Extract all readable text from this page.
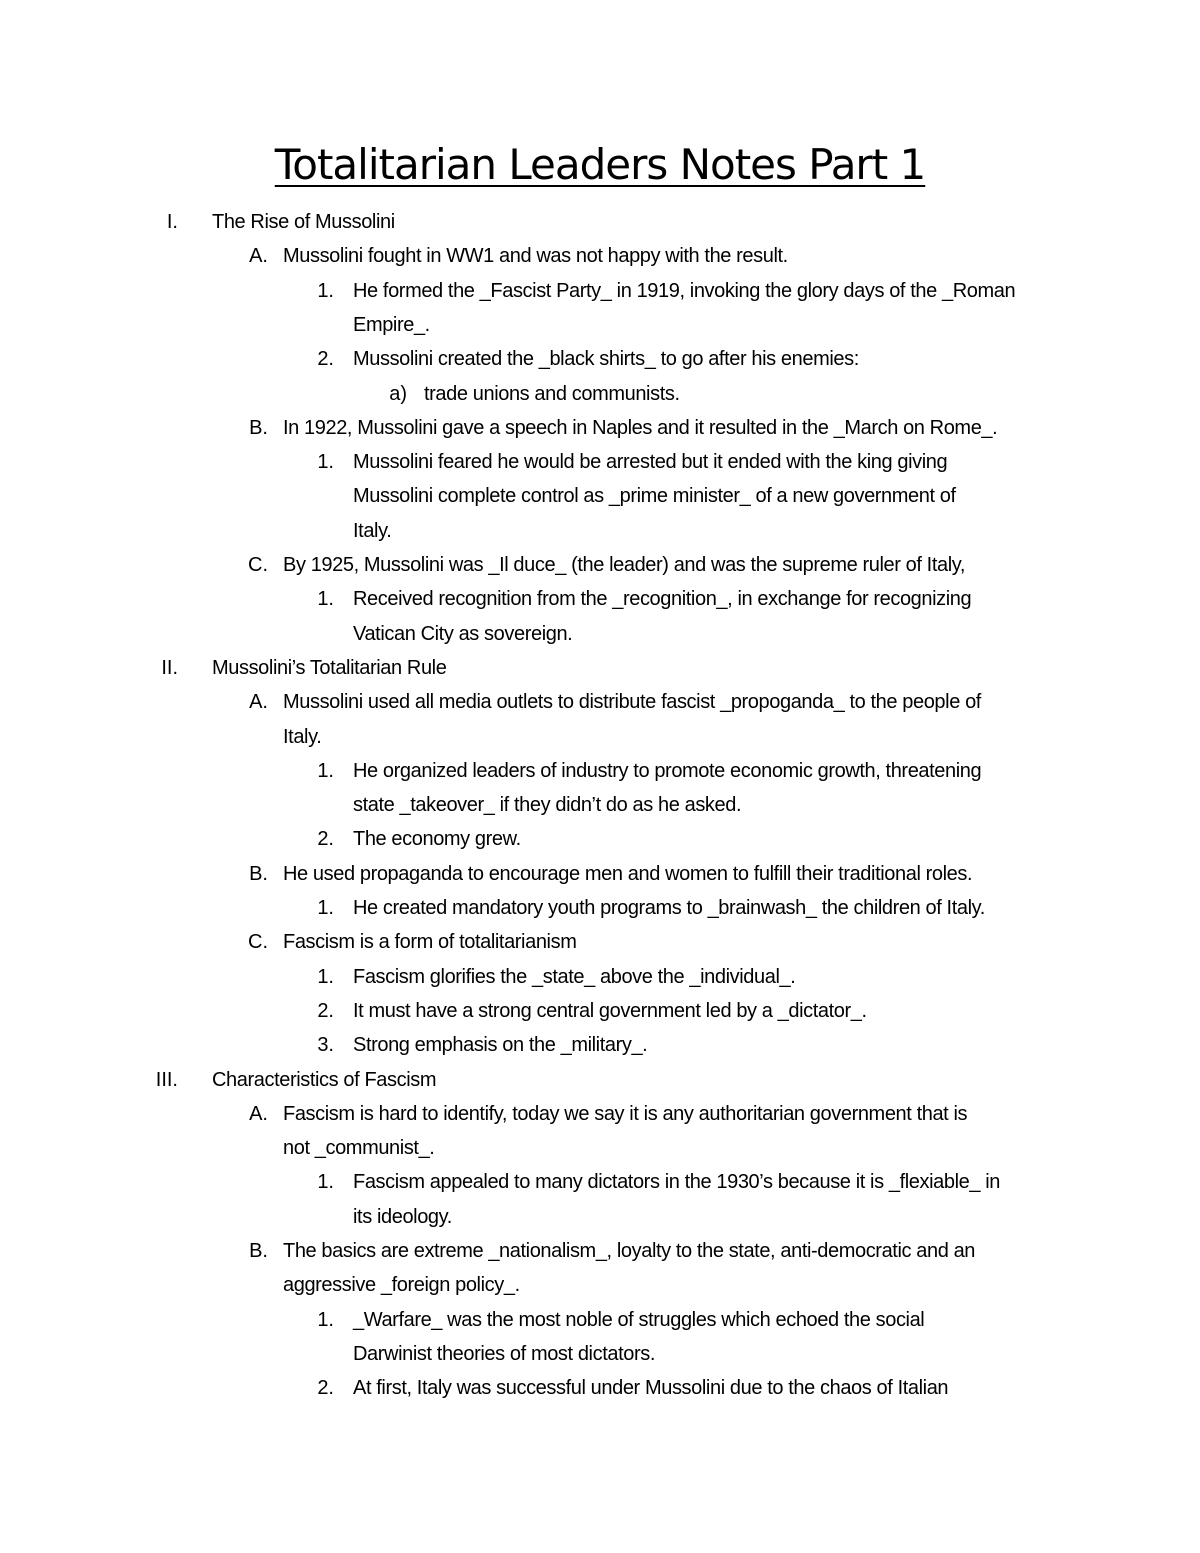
Totalitarian Leaders Notes Part 1
I. The Rise of Mussolini
A. Mussolini fought in WW1 and was not happy with the result.
1. He formed the _Fascist Party_ in 1919, invoking the glory days of the _Roman
Empire_.
2. Mussolini created the _black shirts_ to go after his enemies:
a) trade unions and communists.
B. In 1922, Mussolini gave a speech in Naples and it resulted in the _March on Rome_.
1. Mussolini feared he would be arrested but it ended with the king giving
Mussolini complete control as _prime minister_ of a new government of
Italy.
C. By 1925, Mussolini was _Il duce_ (the leader) and was the supreme ruler of Italy,
1. Received recognition from the _recognition_, in exchange for recognizing
Vatican City as sovereign.
II. Mussolini’s Totalitarian Rule
A. Mussolini used all media outlets to distribute fascist _propoganda_ to the people of
Italy.
1. He organized leaders of industry to promote economic growth, threatening
state _takeover_ if they didn’t do as he asked.
2. The economy grew.
B. He used propaganda to encourage men and women to fulfill their traditional roles.
1. He created mandatory youth programs to _brainwash_ the children of Italy.
C. Fascism is a form of totalitarianism
1. Fascism glorifies the _state_ above the _individual_.
2. It must have a strong central government led by a _dictator_.
3. Strong emphasis on the _military_.
III. Characteristics of Fascism
A. Fascism is hard to identify, today we say it is any authoritarian government that is
not _communist_.
1. Fascism appealed to many dictators in the 1930’s because it is _flexiable_ in
its ideology.
B. The basics are extreme _nationalism_, loyalty to the state, anti-democratic and an
aggressive _foreign policy_.
1. _Warfare_ was the most noble of struggles which echoed the social
Darwinist theories of most dictators.
2. At first, Italy was successful under Mussolini due to the chaos of Italian
